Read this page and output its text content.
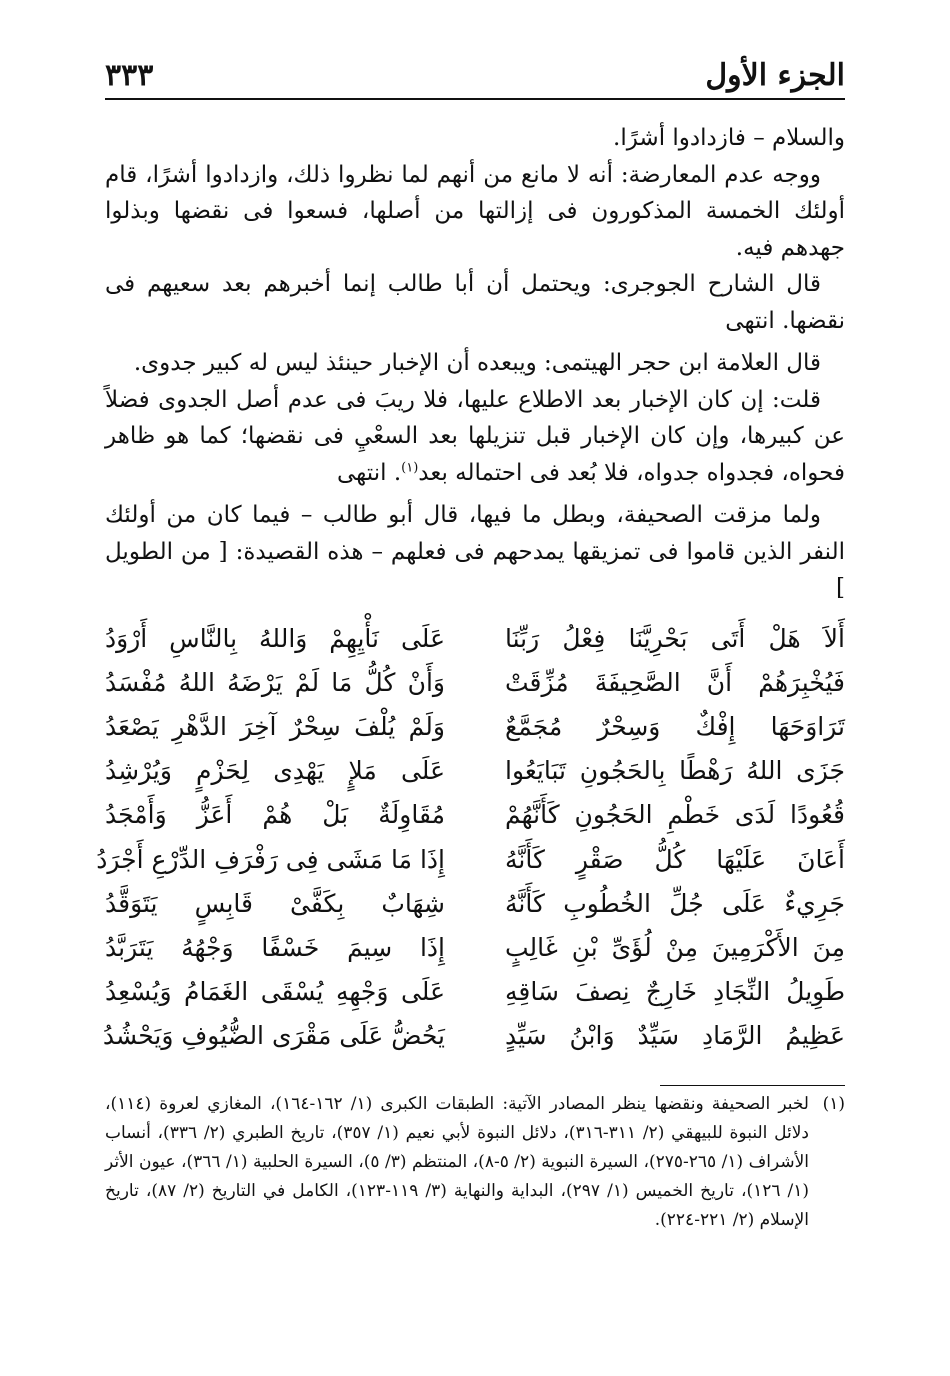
الجزء الأول
٣٣٣

والسلام – فازدادوا أشرًا.

ووجه عدم المعارضة: أنه لا مانع من أنهم لما نظروا ذلك، وازدادوا أشرًا، قام أولئك الخمسة المذكورون فى إزالتها من أصلها، فسعوا فى نقضها وبذلوا جهدهم فيه.

قال الشارح الجوجرى: ويحتمل أن أبا طالب إنما أخبرهم بعد سعيهم فى نقضها. انتهى

قال العلامة ابن حجر الهيتمى: ويبعده أن الإخبار حينئذ ليس له كبير جدوى.

قلت: إن كان الإخبار بعد الاطلاع عليها، فلا ريبَ فى عدم أصل الجدوى فضلاً عن كبيرها، وإن كان الإخبار قبل تنزيلها بعد السعْيِ فى نقضها؛ كما هو ظاهر فحواه، فجدواه جدواه، فلا بُعد فى احتماله بعد$^{(١)}$. انتهى

ولما مزقت الصحيفة، وبطل ما فيها، قال أبو طالب – فيما كان من أولئك النفر الذين قاموا فى تمزيقها يمدحهم فى فعلهم – هذه القصيدة: [ من الطويل ]

أَلاَ هَلْ أَتَى بَحْرِيَّنَا فِعْلُ رَبِّنَا
عَلَى نَأْيِهِمْ وَاللهُ بِالنَّاسِ أَرْوَدُ
فَيُخْبِرَهُمْ أَنَّ الصَّحِيفَةَ مُزِّقَتْ
وَأَنْ كُلُّ مَا لَمْ يَرْضَهُ اللهُ مُفْسَدُ
تَرَاوَحَهَا إِفْكٌ وَسِحْرٌ مُجَمَّعٌ
وَلَمْ يُلْفَ سِحْرٌ آخِرَ الدَّهْرِ يَصْعَدُ
جَزَى اللهُ رَهْطًا بِالحَجُونِ تَبَايَعُوا
عَلَى مَلإٍ يَهْدِى لِحَزْمٍ وَيُرْشِدُ
قُعُودًا لَدَى خَطْمِ الحَجُونِ كَأَنَّهُمْ
مُقَاوِلَةٌ بَلْ هُمْ أَعَزُّ وَأَمْجَدُ
أَعَانَ عَلَيْهَا كُلُّ صَقْرٍ كَأَنَّهُ
إِذَا مَا مَشَى فِى رَفْرَفِ الدِّرْعِ أَجْرَدُ
جَرِيءٌ عَلَى جُلِّ الخُطُوبِ كَأَنَّهُ
شِهَابٌ بِكَفَّىْ قَابِسٍ يَتَوَقَّدُ
مِنَ الأَكْرَمِينَ مِنْ لُؤَىِّ بْنِ غَالِبٍ
إِذَا سِيمَ خَسْفًا وَجْهُهُ يَتَرَبَّدُ
طَوِيلُ النِّجَادِ خَارِجٌ نِصفَ سَاقِهِ
عَلَى وَجْهِهِ يُسْقَى الغَمَامُ وَيُسْعِدُ
عَظِيمُ الرَّمَادِ سَيِّدٌ وَابْنُ سَيِّدٍ
يَحُضُّ عَلَى مَقْرَى الضُّيُوفِ وَيَحْشُدُ
(١)
لخبر الصحيفة ونقضها ينظر المصادر الآتية: الطبقات الكبرى (١/ ١٦٢-١٦٤)، المغازي لعروة (١١٤)، دلائل النبوة للبيهقي (٢/ ٣١١-٣١٦)، دلائل النبوة لأبي نعيم (١/ ٣٥٧)، تاريخ الطبري (٢/ ٣٣٦)، أنساب الأشراف (١/ ٢٦٥-٢٧٥)، السيرة النبوية (٢/ ٥-٨)، المنتظم (٣/ ٥)، السيرة الحلبية (١/ ٣٦٦)، عيون الأثر (١/ ١٢٦)، تاريخ الخميس (١/ ٢٩٧)، البداية والنهاية (٣/ ١١٩-١٢٣)، الكامل في التاريخ (٢/ ٨٧)، تاريخ الإسلام (٢/ ٢٢١-٢٢٤).
